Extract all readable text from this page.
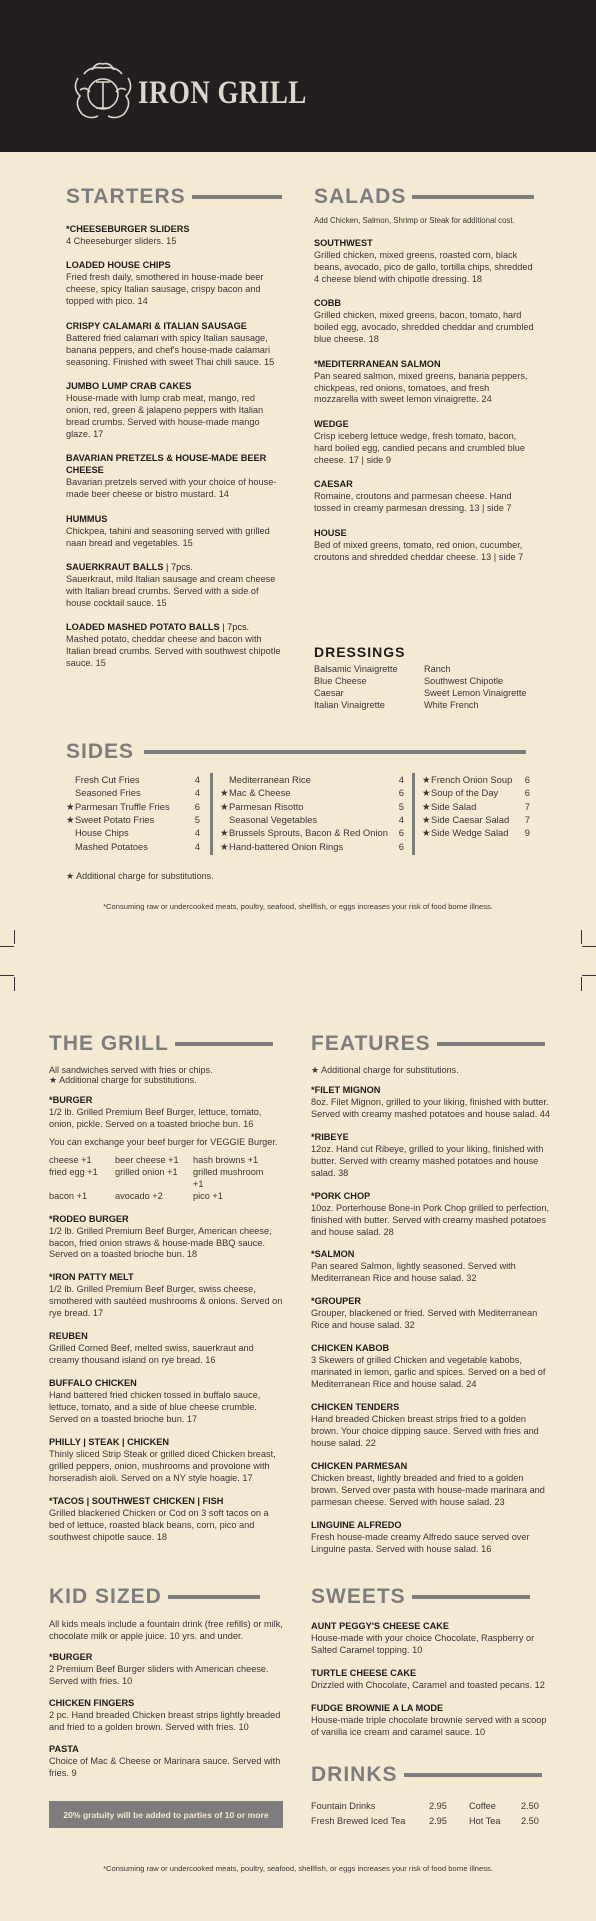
IRON GRILL
STARTERS
*CHEESEBURGER SLIDERS
4 Cheeseburger sliders. 15
LOADED HOUSE CHIPS
Fried fresh daily, smothered in house-made beer cheese, spicy Italian sausage, crispy bacon and topped with pico. 14
CRISPY CALAMARI & ITALIAN SAUSAGE
Battered fried calamari with spicy Italian sausage, banana peppers, and chef's house-made calamari seasoning. Finished with sweet Thai chili sauce. 15
JUMBO LUMP CRAB CAKES
House-made with lump crab meat, mango, red onion, red, green & jalapeno peppers with Italian bread crumbs. Served with house-made mango glaze. 17
BAVARIAN PRETZELS & HOUSE-MADE BEER CHEESE
Bavarian pretzels served with your choice of house-made beer cheese or bistro mustard. 14
HUMMUS
Chickpea, tahini and seasoning served with grilled naan bread and vegetables. 15
SAUERKRAUT BALLS | 7pcs.
Sauerkraut, mild Italian sausage and cream cheese with Italian bread crumbs. Served with a side of house cocktail sauce. 15
LOADED MASHED POTATO BALLS | 7pcs.
Mashed potato, cheddar cheese and bacon with Italian bread crumbs. Served with southwest chipotle sauce. 15
SALADS
Add Chicken, Salmon, Shrimp or Steak for additional cost.
SOUTHWEST
Grilled chicken, mixed greens, roasted corn, black beans, avocado, pico de gallo, tortilla chips, shredded 4 cheese blend with chipotle dressing. 18
COBB
Grilled chicken, mixed greens, bacon, tomato, hard boiled egg, avocado, shredded cheddar and crumbled blue cheese. 18
*MEDITERRANEAN SALMON
Pan seared salmon, mixed greens, banana peppers, chickpeas, red onions, tomatoes, and fresh mozzarella with sweet lemon vinaigrette. 24
WEDGE
Crisp iceberg lettuce wedge, fresh tomato, bacon, hard boiled egg, candied pecans and crumbled blue cheese. 17 | side 9
CAESAR
Romaine, croutons and parmesan cheese. Hand tossed in creamy parmesan dressing. 13 | side 7
HOUSE
Bed of mixed greens, tomato, red onion, cucumber, croutons and shredded cheddar cheese. 13 | side 7
DRESSINGS
Balsamic Vinaigrette
Blue Cheese
Caesar
Italian Vinaigrette
Ranch
Southwest Chipotle
Sweet Lemon Vinaigrette
White French
SIDES
Fresh Cut Fries	4
Seasoned Fries	4
★Parmesan Truffle Fries	6
★Sweet Potato Fries	5
House Chips	4
Mashed Potatoes	4
Mediterranean Rice	4
★Mac & Cheese	6
★Parmesan Risotto	5
Seasonal Vegetables	4
★Brussels Sprouts, Bacon & Red Onion 6
★Hand-battered Onion Rings	6
★French Onion Soup 6
★Soup of the Day	6
★Side Salad	7
★Side Caesar Salad 7
★Side Wedge Salad 9
★ Additional charge for substitutions.
*Consuming raw or undercooked meats, poultry, seafood, shellfish, or eggs increases your risk of food borne illness.
THE GRILL
All sandwiches served with fries or chips.
★ Additional charge for substitutions.
*BURGER
1/2 lb. Grilled Premium Beef Burger, lettuce, tomato, onion, pickle. Served on a toasted brioche bun. 16
You can exchange your beef burger for VEGGIE Burger.
cheese +1	beer cheese +1	hash browns +1
fried egg +1	grilled onion +1	grilled mushroom +1
bacon +1	avocado +2	pico +1
*RODEO BURGER
1/2 lb. Grilled Premium Beef Burger, American cheese, bacon, fried onion straws & house-made BBQ sauce. Served on a toasted brioche bun. 18
*IRON PATTY MELT
1/2 lb. Grilled Premium Beef Burger, swiss cheese, smothered with sautéed mushrooms & onions. Served on rye bread. 17
REUBEN
Grilled Corned Beef, melted swiss, sauerkraut and creamy thousand island on rye bread. 16
BUFFALO CHICKEN
Hand battered fried chicken tossed in buffalo sauce, lettuce, tomato, and a side of blue cheese crumble. Served on a toasted brioche bun. 17
PHILLY | STEAK | CHICKEN
Thinly sliced Strip Steak or grilled diced Chicken breast, grilled peppers, onion, mushrooms and provolone with horseradish aioli. Served on a NY style hoagie. 17
*TACOS | SOUTHWEST CHICKEN | FISH
Grilled blackened Chicken or Cod on 3 soft tacos on a bed of lettuce, roasted black beans, corn, pico and southwest chipotle sauce. 18
FEATURES
★ Additional charge for substitutions.
*FILET MIGNON
8oz. Filet Mignon, grilled to your liking, finished with butter. Served with creamy mashed potatoes and house salad. 44
*RIBEYE
12oz. Hand cut Ribeye, grilled to your liking, finished with butter. Served with creamy mashed potatoes and house salad. 38
*PORK CHOP
10oz. Porterhouse Bone-in Pork Chop grilled to perfection, finished with butter. Served with creamy mashed potatoes and house salad. 28
*SALMON
Pan seared Salmon, lightly seasoned. Served with Mediterranean Rice and house salad. 32
*GROUPER
Grouper, blackened or fried. Served with Mediterranean Rice and house salad. 32
CHICKEN KABOB
3 Skewers of grilled Chicken and vegetable kabobs, marinated in lemon, garlic and spices. Served on a bed of Mediterranean Rice and house salad. 24
CHICKEN TENDERS
Hand breaded Chicken breast strips fried to a golden brown. Your choice dipping sauce. Served with fries and house salad. 22
CHICKEN PARMESAN
Chicken breast, lightly breaded and fried to a golden brown. Served over pasta with house-made marinara and parmesan cheese. Served with house salad. 23
LINGUINE ALFREDO
Fresh house-made creamy Alfredo sauce served over Linguine pasta. Served with house salad. 16
KID SIZED
All kids meals include a fountain drink (free refills) or milk, chocolate milk or apple juice. 10 yrs. and under.
*BURGER
2 Premium Beef Burger sliders with American cheese. Served with fries. 10
CHICKEN FINGERS
2 pc. Hand breaded Chicken breast strips lightly breaded and fried to a golden brown. Served with fries. 10
PASTA
Choice of Mac & Cheese or Marinara sauce. Served with fries. 9
20% gratuity will be added to parties of 10 or more
SWEETS
AUNT PEGGY'S CHEESE CAKE
House-made with your choice Chocolate, Raspberry or Salted Caramel topping. 10
TURTLE CHEESE CAKE
Drizzled with Chocolate, Caramel and toasted pecans. 12
FUDGE BROWNIE A LA MODE
House-made triple chocolate brownie served with a scoop of vanilla ice cream and caramel sauce. 10
DRINKS
Fountain Drinks	2.95	Coffee	2.50
Fresh Brewed Iced Tea	2.95	Hot Tea	2.50
*Consuming raw or undercooked meats, poultry, seafood, shellfish, or eggs increases your risk of food borne illness.
